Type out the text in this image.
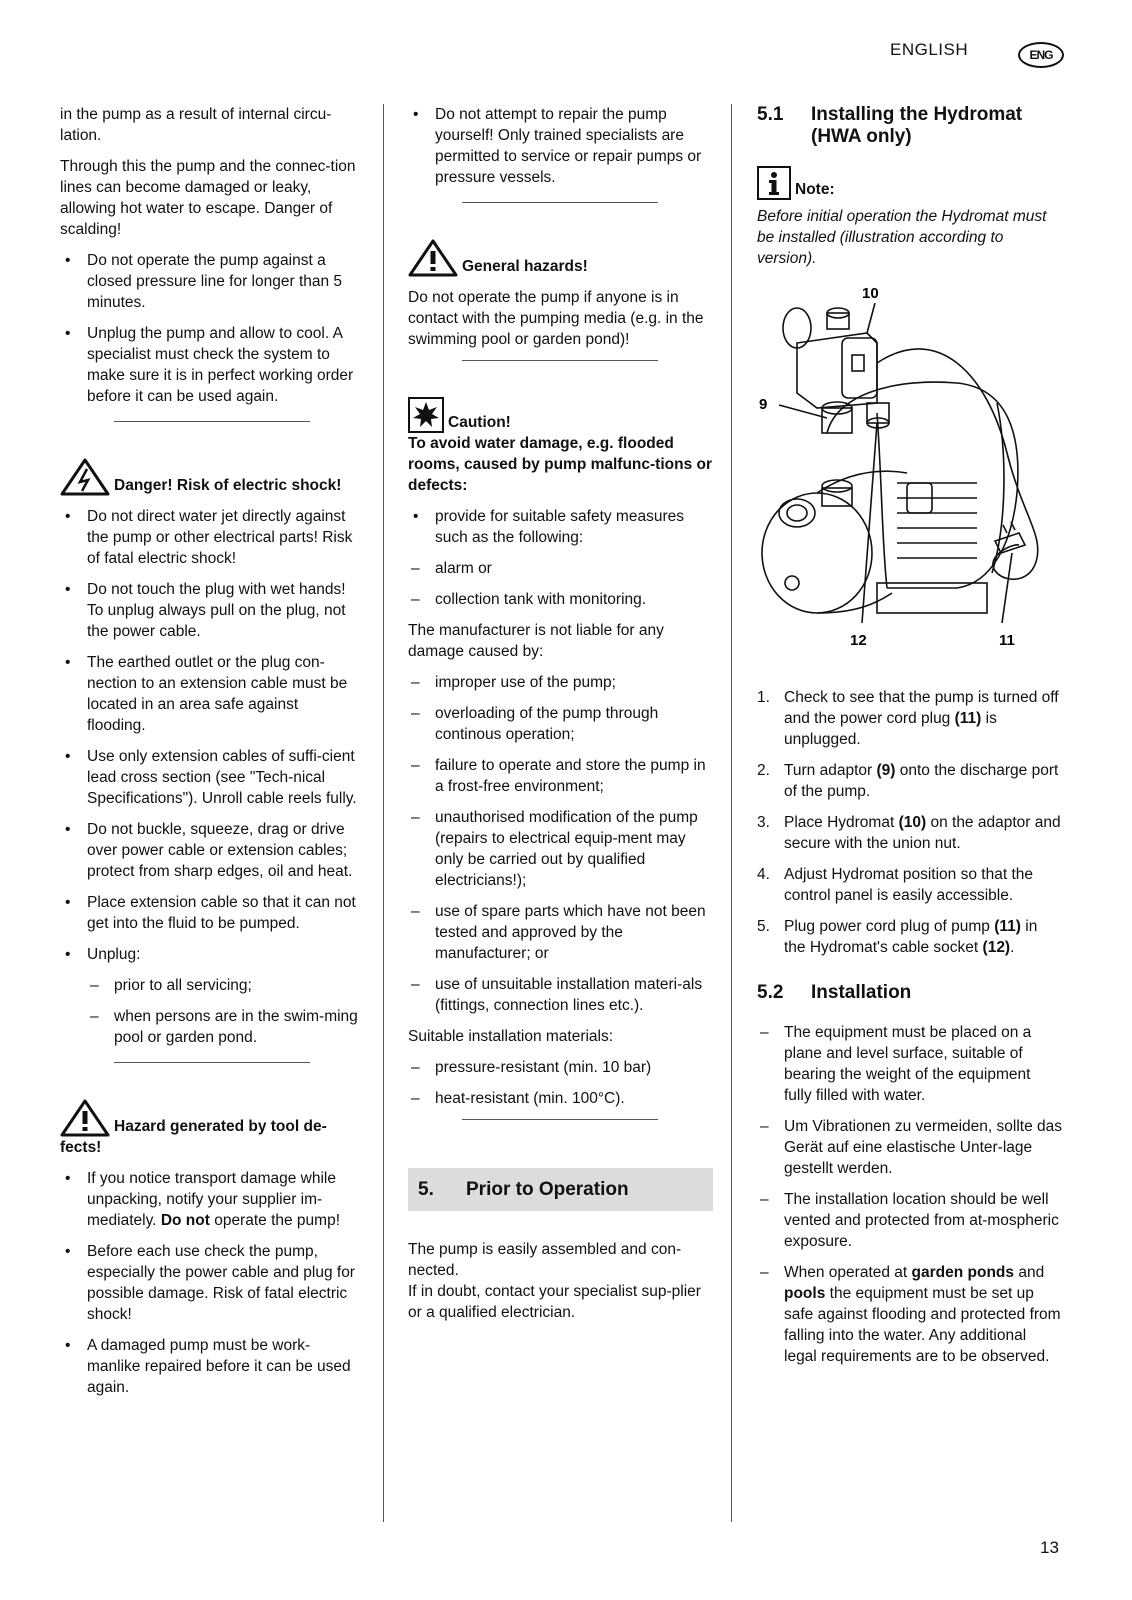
ENGLISH	ENG

in the pump as a result of internal circu-lation.

Through this the pump and the connec-tion lines can become damaged or leaky, allowing hot water to escape. Danger of scalding!

• Do not operate the pump against a closed pressure line for longer than 5 minutes.
• Unplug the pump and allow to cool. A specialist must check the system to make sure it is in perfect working order before it can be used again.
Danger! Risk of electric shock!
• Do not direct water jet directly against the pump or other electrical parts! Risk of fatal electric shock!
• Do not touch the plug with wet hands! To unplug always pull on the plug, not the power cable.
• The earthed outlet or the plug con-nection to an extension cable must be located in an area safe against flooding.
• Use only extension cables of suffi-cient lead cross section (see "Tech-nical Specifications"). Unroll cable reels fully.
• Do not buckle, squeeze, drag or drive over power cable or extension cables; protect from sharp edges, oil and heat.
• Place extension cable so that it can not get into the fluid to be pumped.
• Unplug:
– prior to all servicing;
– when persons are in the swim-ming pool or garden pond.
Hazard generated by tool de-fects!
• If you notice transport damage while unpacking, notify your supplier im-mediately. Do not operate the pump!
• Before each use check the pump, especially the power cable and plug for possible damage. Risk of fatal electric shock!
• A damaged pump must be work-manlike repaired before it can be used again.
• Do not attempt to repair the pump yourself! Only trained specialists are permitted to service or repair pumps or pressure vessels.
General hazards!

Do not operate the pump if anyone is in contact with the pumping media (e.g. in the swimming pool or garden pond)!

Caution!
To avoid water damage, e.g. flooded rooms, caused by pump malfunc-tions or defects:
• provide for suitable safety measures such as the following:
– alarm or
– collection tank with monitoring.

The manufacturer is not liable for any damage caused by:

– improper use of the pump;
– overloading of the pump through continous operation;
– failure to operate and store the pump in a frost-free environment;
– unauthorised modification of the pump (repairs to electrical equip-ment may only be carried out by qualified electricians!);
– use of spare parts which have not been tested and approved by the manufacturer; or
– use of unsuitable installation materi-als (fittings, connection lines etc.).

Suitable installation materials:

– pressure-resistant (min. 10 bar)
– heat-resistant (min. 100°C).
5. Prior to Operation
The pump is easily assembled and con-nected.
If in doubt, contact your specialist sup-plier or a qualified electrician.
5.1 Installing the Hydromat (HWA only)
Note:

Before initial operation the Hydromat must be installed (illustration according to version).

10
9
12	11
1. Check to see that the pump is turned off and the power cord plug (11) is unplugged.
2. Turn adaptor (9) onto the discharge port of the pump.
3. Place Hydromat (10) on the adaptor and secure with the union nut.
4. Adjust Hydromat position so that the control panel is easily accessible.
5. Plug power cord plug of pump (11) in the Hydromat's cable socket (12).
5.2 Installation
– The equipment must be placed on a plane and level surface, suitable of bearing the weight of the equipment fully filled with water.
– Um Vibrationen zu vermeiden, sollte das Gerät auf eine elastische Unter-lage gestellt werden.
– The installation location should be well vented and protected from at-mospheric exposure.
– When operated at garden ponds and pools the equipment must be set up safe against flooding and protected from falling into the water. Any additional legal requirements are to be observed.
13
